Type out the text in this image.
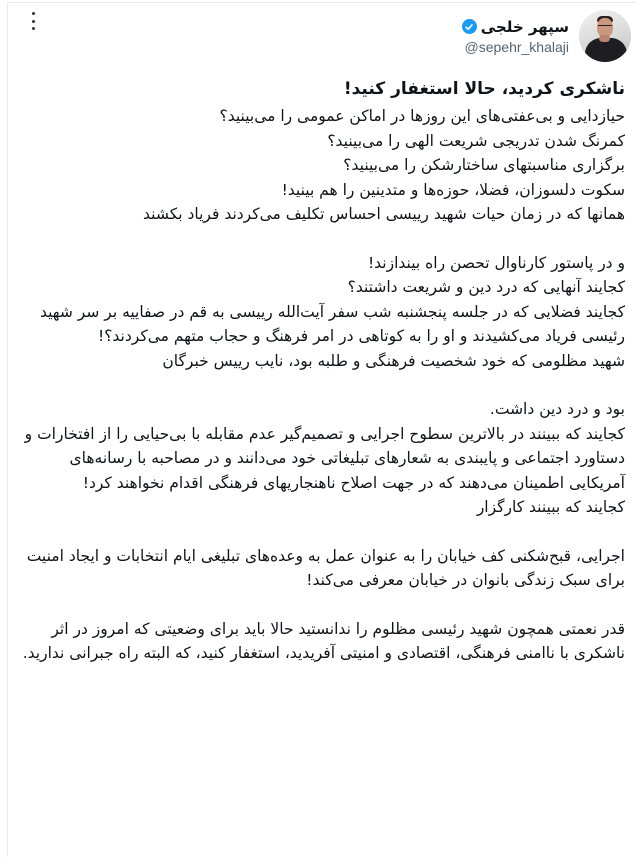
سپهر خلجی
@sepehr_khalaji
ناشکری کردید، حالا استغفار کنید!
حیازدایی و بی‌عفتی‌های این روزها در اماکن عمومی را می‌بینید؟
کمرنگ شدن تدریجی شریعت الهی را می‌بینید؟
برگزاری مناسبتهای ساختارشکن را می‌بینید؟
سکوت دلسوزان، فضلا، حوزه‌ها و متدینین را هم بینید!
همانها که در زمان حیات شهید رییسی احساس تکلیف می‌کردند فریاد بکشند
و در پاستور کارناوال تحصن راه بیندازند!
کجایند آنهایی که درد دین و شریعت داشتند؟
کجایند فضلایی که در جلسه پنجشنبه شب سفر آیت‌الله رییسی به قم در صفاییه بر سر شهید رئیسی فریاد می‌کشیدند و او را به کوتاهی در امر فرهنگ و حجاب متهم می‌کردند؟!
شهید مظلومی که خود شخصیت فرهنگی و طلبه بود، نایب رییس خبرگان
بود و درد دین داشت.
کجایند که ببینند در بالاترین سطوح اجرایی و تصمیم‌گیر عدم مقابله با بی‌حیایی را از افتخارات و دستاورد اجتماعی و پایبندی به شعارهای تبلیغاتی خود می‌دانند و در مصاحبه با رسانه‌های آمریکایی اطمینان می‌دهند که در جهت اصلاح ناهنجاریهای فرهنگی اقدام نخواهند کرد!
کجایند که ببینند کارگزار
اجرایی، قبح‌شکنی کف خیابان را به عنوان عمل به وعده‌های تبلیغی ایام انتخابات و ایجاد امنیت برای سبک زندگی بانوان در خیابان معرفی می‌کند!
قدر نعمتی همچون شهید رئیسی مظلوم را ندانستید حالا باید برای وضعیتی که امروز در اثر ناشکری با ناامنی فرهنگی، اقتصادی و امنیتی آفریدید، استغفار کنید، که البته راه جبرانی ندارید.
